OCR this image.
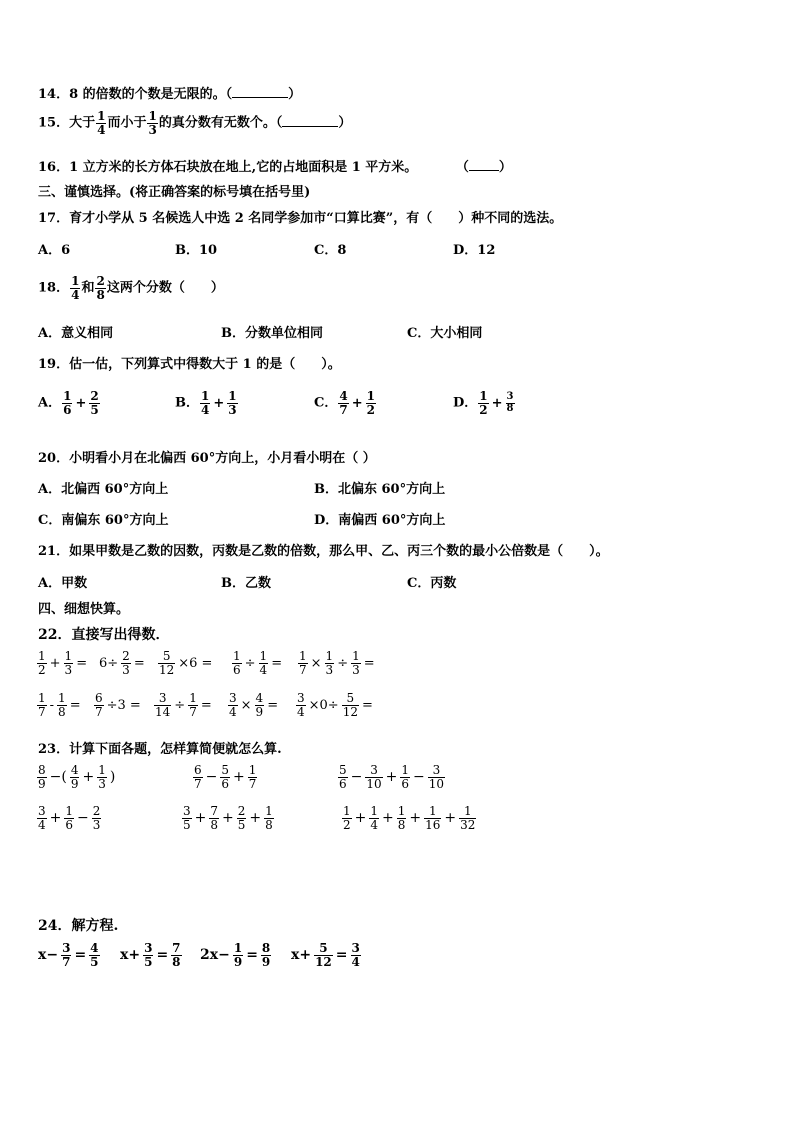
14．8 的倍数的个数是无限的。（	）
15．大于 $\frac{1}{4}$ 而小于 $\frac{1}{3}$ 的真分数有无数个。（	）
16．1 立方米的长方体石块放在地上,它的占地面积是 1 平方米。	（ ）
三、谨慎选择。(将正确答案的标号填在括号里)
17．育才小学从 5 名候选人中选 2 名同学参加市“口算比赛”，有（　　）种不同的选法。
A．6	B．10	C．8	D．12
18． $\frac{1}{4}$ 和 $\frac{2}{8}$ 这两个分数（　　）
A．意义相同	B．分数单位相同	C．大小相同
19．估一估，下列算式中得数大于 1 的是（　　）。
A． $\frac{1}{6} + \frac{2}{5}$	B． $\frac{1}{4} + \frac{1}{3}$	C． $\frac{4}{7} + \frac{1}{2}$	D． $\frac{1}{2} + \frac{3}{8}$
20．小明看小月在北偏西 60°方向上，小月看小明在（ ）
A．北偏西 60°方向上	B．北偏东 60°方向上
C．南偏东 60°方向上	D．南偏西 60°方向上
21．如果甲数是乙数的因数，丙数是乙数的倍数，那么甲、乙、丙三个数的最小公倍数是（　　）。
A．甲数	B．乙数	C．丙数
四、细想快算。
22．直接写出得数．
$\frac{1}{2} + \frac{1}{3} = 6\div \frac{2}{3} = \frac{5}{12} \times 6 = \frac{1}{6} \div \frac{1}{4} = \frac{1}{7} \times \frac{1}{3} \div \frac{1}{3}$ =
$\frac{1}{7} - \frac{1}{8} = \frac{6}{7} \div 3 = \frac{3}{14} \div \frac{1}{7} = \frac{3}{4} \times \frac{4}{9} = \frac{3}{4} \times 0\div \frac{5}{12}$ =
23．计算下面各题，怎样算简便就怎么算.
$\frac{8}{9}$ −( $\frac{4}{9} + \frac{1}{3}$ )	$\frac{6}{7} - \frac{5}{6} + \frac{1}{7}$	$\frac{5}{6} - \frac{3}{10} + \frac{1}{6} - \frac{3}{10}$
$\frac{3}{4} + \frac{1}{6} - \frac{2}{3}$	$\frac{3}{5} + \frac{7}{8} + \frac{2}{5} + \frac{1}{8}$	$\frac{1}{2} + \frac{1}{4} + \frac{1}{8} + \frac{1}{16} + \frac{1}{32}$
24．解方程.
$x- \frac{3}{7} = \frac{4}{5} x+ \frac{3}{5} = \frac{7}{8} 2x- \frac{1}{9} = \frac{8}{9} x+ \frac{5}{12} = \frac{3}{4}$
